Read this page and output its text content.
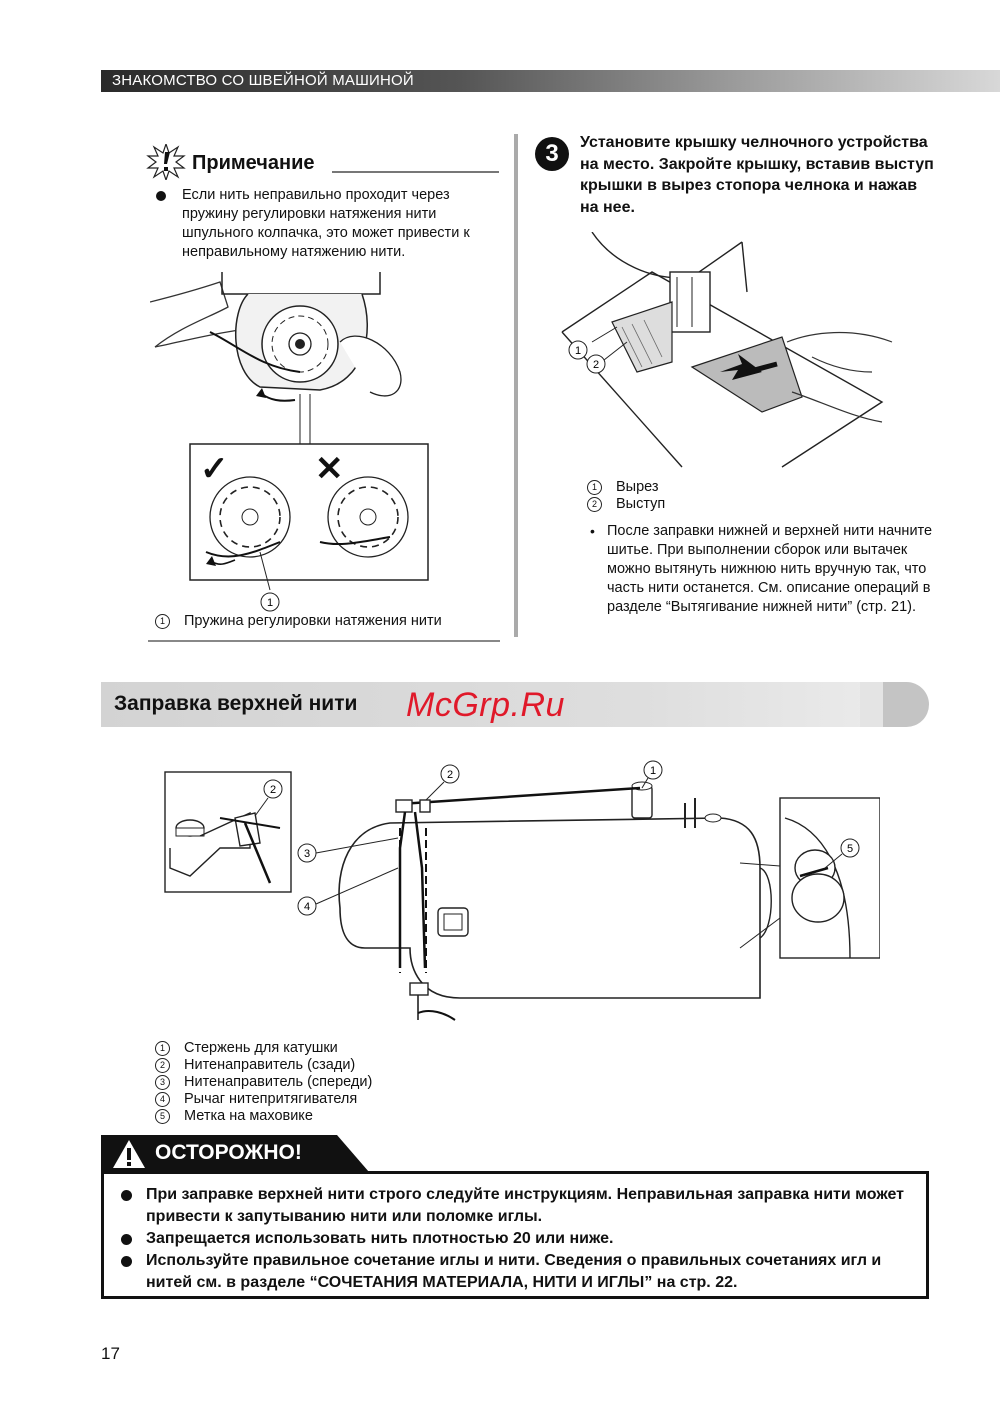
ЗНАКОМСТВО СО ШВЕЙНОЙ МАШИНОЙ
Примечание
Если нить неправильно проходит через пружину регулировки натяжения нити шпульного колпачка, это может привести к неправильному натяжению нити.
✓	✕
1
1 Пружина регулировки натяжения нити
3	Установите крышку челночного устройства на место. Закройте крышку, вставив выступ крышки в вырез стопора челнока и нажав на нее.
1
2
1 Вырез
2 Выступ
• После заправки нижней и верхней нити начните шитье. При выполнении сборок или вытачек можно вытянуть нижнюю нить вручную так, что часть нити останется. См. описание операций в разделе “Вытягивание нижней нити” (стр. 21).
Заправка верхней нити McGrp.Ru
2
1
2
3
4
5
1 Стержень для катушки
2 Нитенаправитель (сзади)
3 Нитенаправитель (спереди)
4 Рычаг нитепритягивателя
5 Метка на маховике
ОСТОРОЖНО!
При заправке верхней нити строго следуйте инструкциям. Неправильная заправка нити может привести к запутыванию нити или поломке иглы.
Запрещается использовать нить плотностью 20 или ниже.
Используйте правильное сочетание иглы и нити. Сведения о правильных сочетаниях игл и нитей см. в разделе “СОЧЕТАНИЯ МАТЕРИАЛА, НИТИ И ИГЛЫ” на стр. 22.
17
